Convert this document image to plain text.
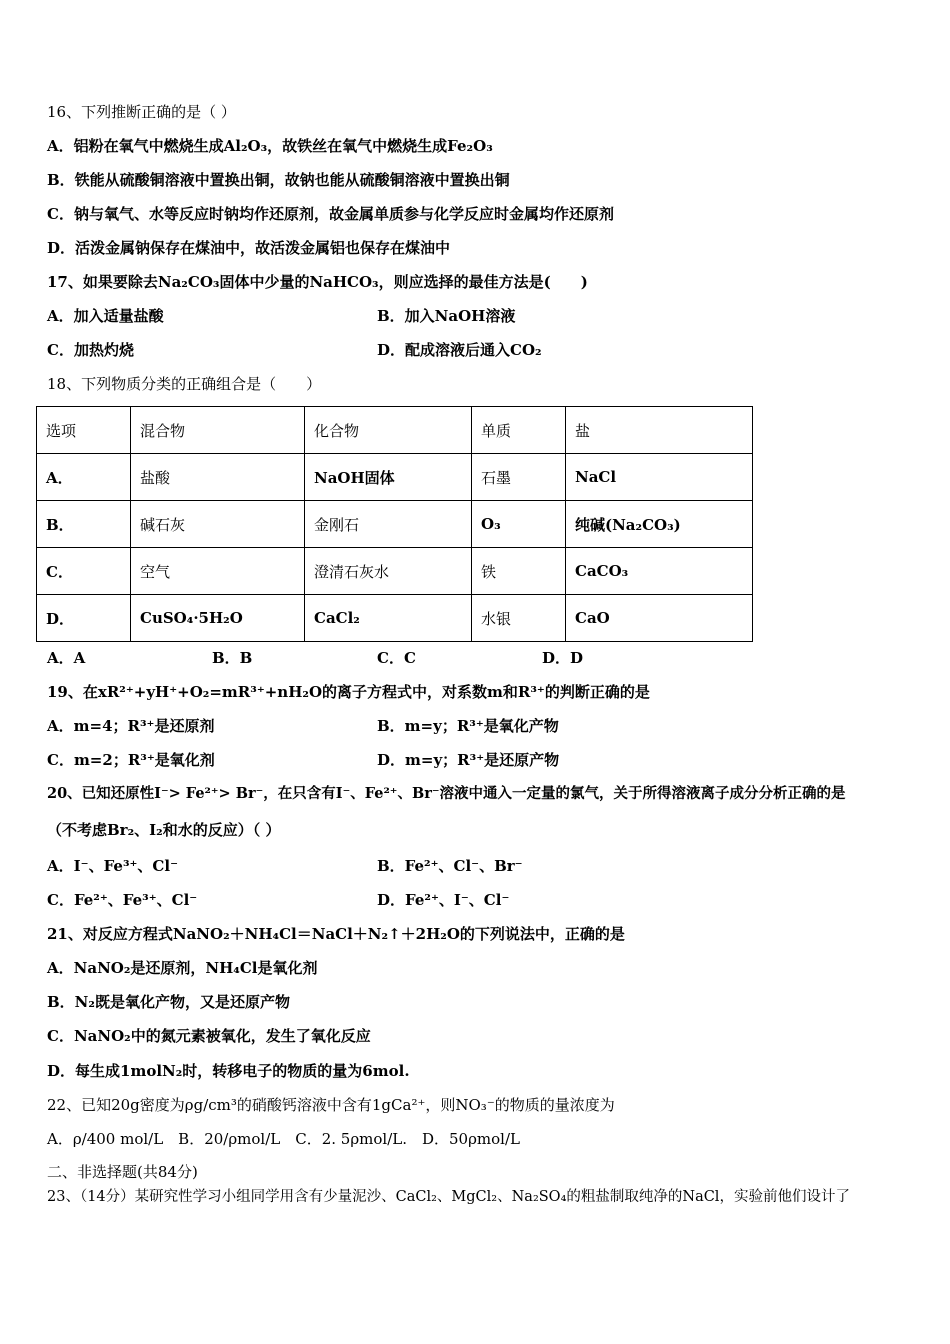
16、下列推断正确的是（ ）
A．铝粉在氧气中燃烧生成Al₂O₃，故铁丝在氧气中燃烧生成Fe₂O₃
B．铁能从硫酸铜溶液中置换出铜，故钠也能从硫酸铜溶液中置换出铜
C．钠与氧气、水等反应时钠均作还原剂，故金属单质参与化学反应时金属均作还原剂
D．活泼金属钠保存在煤油中，故活泼金属铝也保存在煤油中
17、如果要除去Na₂CO₃固体中少量的NaHCO₃，则应选择的最佳方法是(　　)
A．加入适量盐酸	B．加入NaOH溶液
C．加热灼烧	D．配成溶液后通入CO₂
18、下列物质分类的正确组合是（　　）
选项	混合物	化合物	单质	盐
A．	盐酸	NaOH固体	石墨	NaCl
B．	碱石灰	金刚石	O₃	纯碱(Na₂CO₃)
C．	空气	澄清石灰水	铁	CaCO₃
D．	CuSO₄·5H₂O	CaCl₂	水银	CaO
A．A	B．B	C．C	D．D
19、在xR²⁺+yH⁺+O₂=mR³⁺+nH₂O的离子方程式中，对系数m和R³⁺的判断正确的是
A．m=4；R³⁺是还原剂	B．m=y；R³⁺是氧化产物
C．m=2；R³⁺是氧化剂	D．m=y；R³⁺是还原产物
20、已知还原性I⁻> Fe²⁺> Br⁻，在只含有I⁻、Fe²⁺、Br⁻溶液中通入一定量的氯气，关于所得溶液离子成分分析正确的是
（不考虑Br₂、I₂和水的反应）（ ）
A．I⁻、Fe³⁺、Cl⁻	B．Fe²⁺、Cl⁻、Br⁻
C．Fe²⁺、Fe³⁺、Cl⁻	D．Fe²⁺、I⁻、Cl⁻
21、对反应方程式NaNO₂＋NH₄Cl＝NaCl＋N₂↑＋2H₂O的下列说法中，正确的是
A．NaNO₂是还原剂，NH₄Cl是氧化剂
B．N₂既是氧化产物，又是还原产物
C．NaNO₂中的氮元素被氧化，发生了氧化反应
D．每生成1molN₂时，转移电子的物质的量为6mol.
22、已知20g密度为ρg/cm³的硝酸钙溶液中含有1gCa²⁺，则NO₃⁻的物质的量浓度为
A．ρ/400 mol/L　B．20/ρmol/L　C．2. 5ρmol/L.　D．50ρmol/L
二、非选择题(共84分)
23、（14分）某研究性学习小组同学用含有少量泥沙、CaCl₂、MgCl₂、Na₂SO₄的粗盐制取纯净的NaCl，实验前他们设计了
